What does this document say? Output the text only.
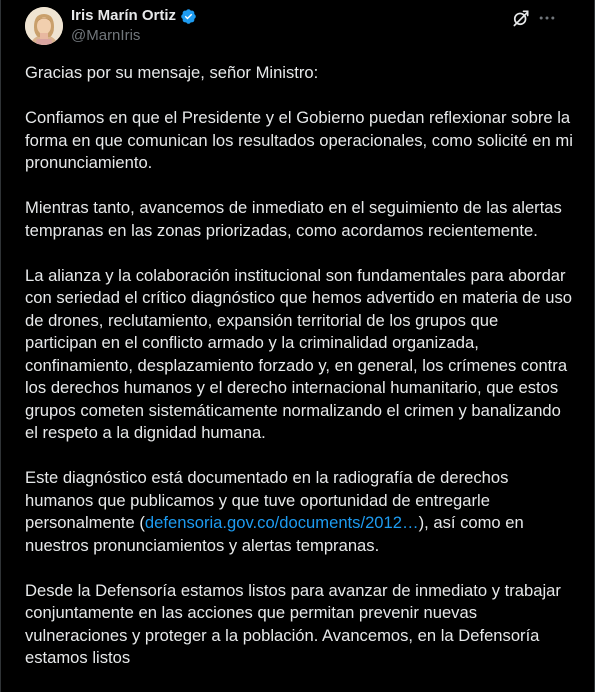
Iris Marín Ortiz
@MarnIris

Gracias por su mensaje, señor Ministro:

Confiamos en que el Presidente y el Gobierno puedan reflexionar sobre la forma en que comunican los resultados operacionales, como solicité en mi pronunciamiento.

Mientras tanto, avancemos de inmediato en el seguimiento de las alertas tempranas en las zonas priorizadas, como acordamos recientemente.

La alianza y la colaboración institucional son fundamentales para abordar con seriedad el crítico diagnóstico que hemos advertido en materia de uso de drones, reclutamiento, expansión territorial de los grupos que participan en el conflicto armado y la criminalidad organizada, confinamiento, desplazamiento forzado y, en general, los crímenes contra los derechos humanos y el derecho internacional humanitario, que estos grupos cometen sistemáticamente normalizando el crimen y banalizando el respeto a la dignidad humana.

Este diagnóstico está documentado en la radiografía de derechos humanos que publicamos y que tuve oportunidad de entregarle personalmente (defensoria.gov.co/documents/2012…), así como en nuestros pronunciamientos y alertas tempranas.

Desde la Defensoría estamos listos para avanzar de inmediato y trabajar conjuntamente en las acciones que permitan prevenir nuevas vulneraciones y proteger a la población. Avancemos, en la Defensoría estamos listos
